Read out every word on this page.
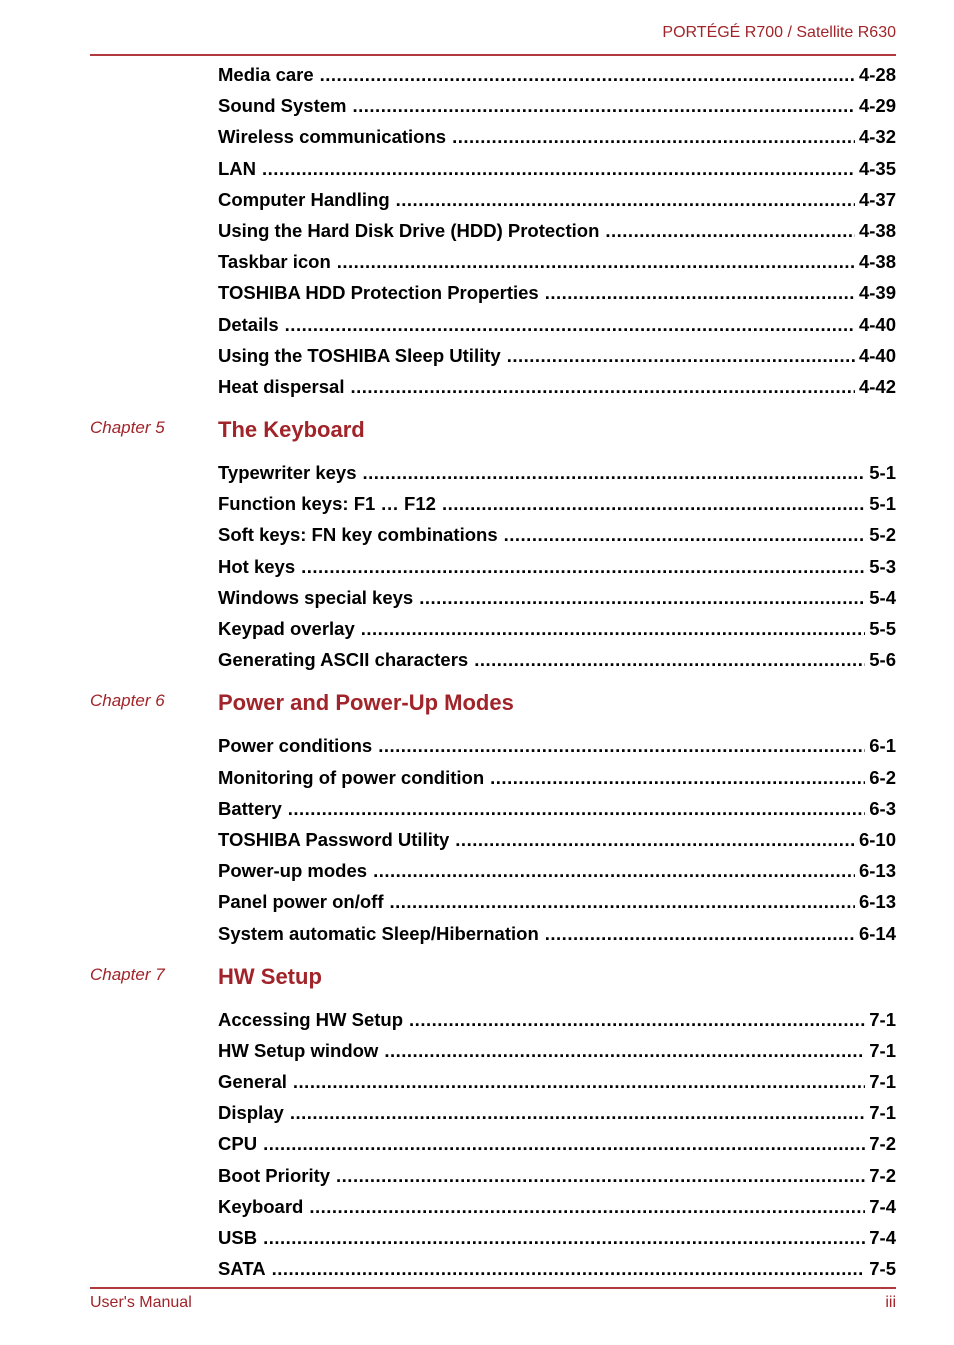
PORTÉGÉ R700 / Satellite R630
Media care .....	4-28
Sound System .....	4-29
Wireless communications .....	4-32
LAN .....	4-35
Computer Handling .....	4-37
Using the Hard Disk Drive (HDD) Protection .....	4-38
Taskbar icon .....	4-38
TOSHIBA HDD Protection Properties .....	4-39
Details .....	4-40
Using the TOSHIBA Sleep Utility .....	4-40
Heat dispersal .....	4-42
Chapter 5 The Keyboard
Typewriter keys .....	5-1
Function keys: F1 … F12 .....	5-1
Soft keys: FN key combinations .....	5-2
Hot keys .....	5-3
Windows special keys .....	5-4
Keypad overlay .....	5-5
Generating ASCII characters .....	5-6
Chapter 6 Power and Power-Up Modes
Power conditions .....	6-1
Monitoring of power condition .....	6-2
Battery .....	6-3
TOSHIBA Password Utility .....	6-10
Power-up modes .....	6-13
Panel power on/off .....	6-13
System automatic Sleep/Hibernation .....	6-14
Chapter 7 HW Setup
Accessing HW Setup .....	7-1
HW Setup window .....	7-1
General .....	7-1
Display .....	7-1
CPU .....	7-2
Boot Priority .....	7-2
Keyboard .....	7-4
USB .....	7-4
SATA .....	7-5
User's Manual	iii
